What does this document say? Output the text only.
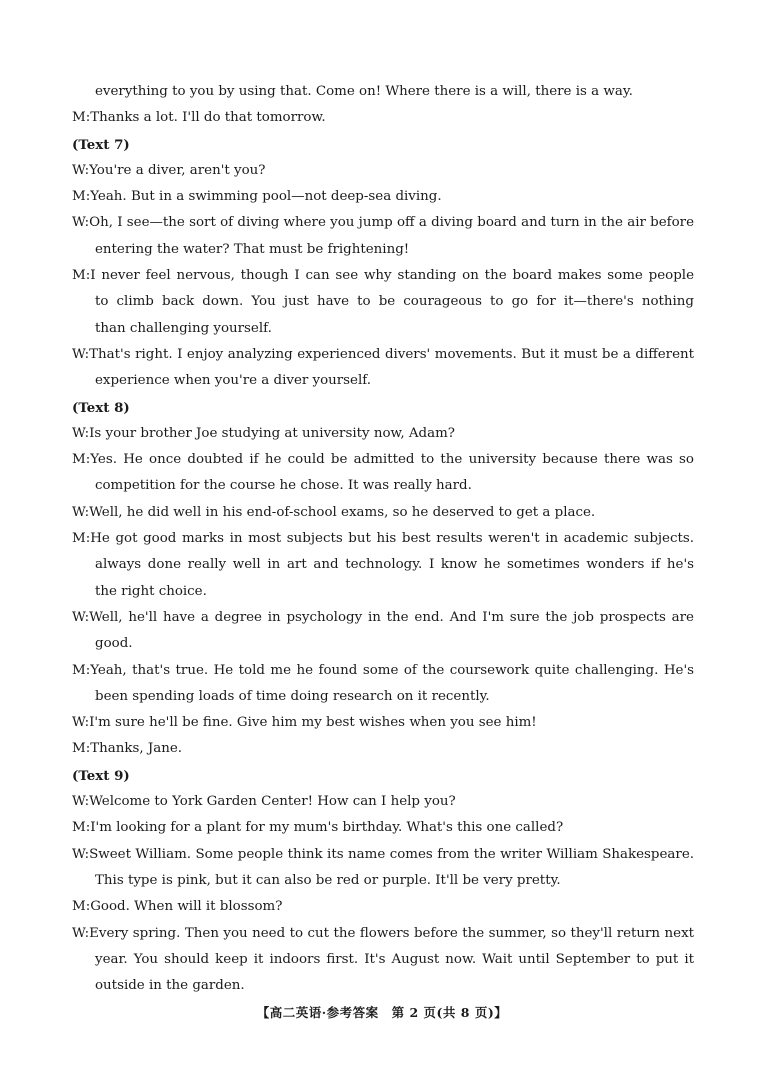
everything to you by using that. Come on! Where there is a will, there is a way.
M:Thanks a lot. I'll do that tomorrow.
(Text 7)
W:You're a diver, aren't you?
M:Yeah. But in a swimming pool—not deep-sea diving.
W:Oh, I see—the sort of diving where you jump off a diving board and turn in the air before
entering the water? That must be frightening!
M:I never feel nervous, though I can see why standing on the board makes some people
to climb back down. You just have to be courageous to go for it—there's nothing
than challenging yourself.
W:That's right. I enjoy analyzing experienced divers' movements. But it must be a different
experience when you're a diver yourself.
(Text 8)
W:Is your brother Joe studying at university now, Adam?
M:Yes. He once doubted if he could be admitted to the university because there was so
competition for the course he chose. It was really hard.
W:Well, he did well in his end-of-school exams, so he deserved to get a place.
M:He got good marks in most subjects but his best results weren't in academic subjects.
always done really well in art and technology. I know he sometimes wonders if he's
the right choice.
W:Well, he'll have a degree in psychology in the end. And I'm sure the job prospects are
good.
M:Yeah, that's true. He told me he found some of the coursework quite challenging. He's
been spending loads of time doing research on it recently.
W:I'm sure he'll be fine. Give him my best wishes when you see him!
M:Thanks, Jane.
(Text 9)
W:Welcome to York Garden Center! How can I help you?
M:I'm looking for a plant for my mum's birthday. What's this one called?
W:Sweet William. Some people think its name comes from the writer William Shakespeare.
This type is pink, but it can also be red or purple. It'll be very pretty.
M:Good. When will it blossom?
W:Every spring. Then you need to cut the flowers before the summer, so they'll return next
year. You should keep it indoors first. It's August now. Wait until September to put it
outside in the garden.
【高二英语·参考答案　第 2 页(共 8 页)】
